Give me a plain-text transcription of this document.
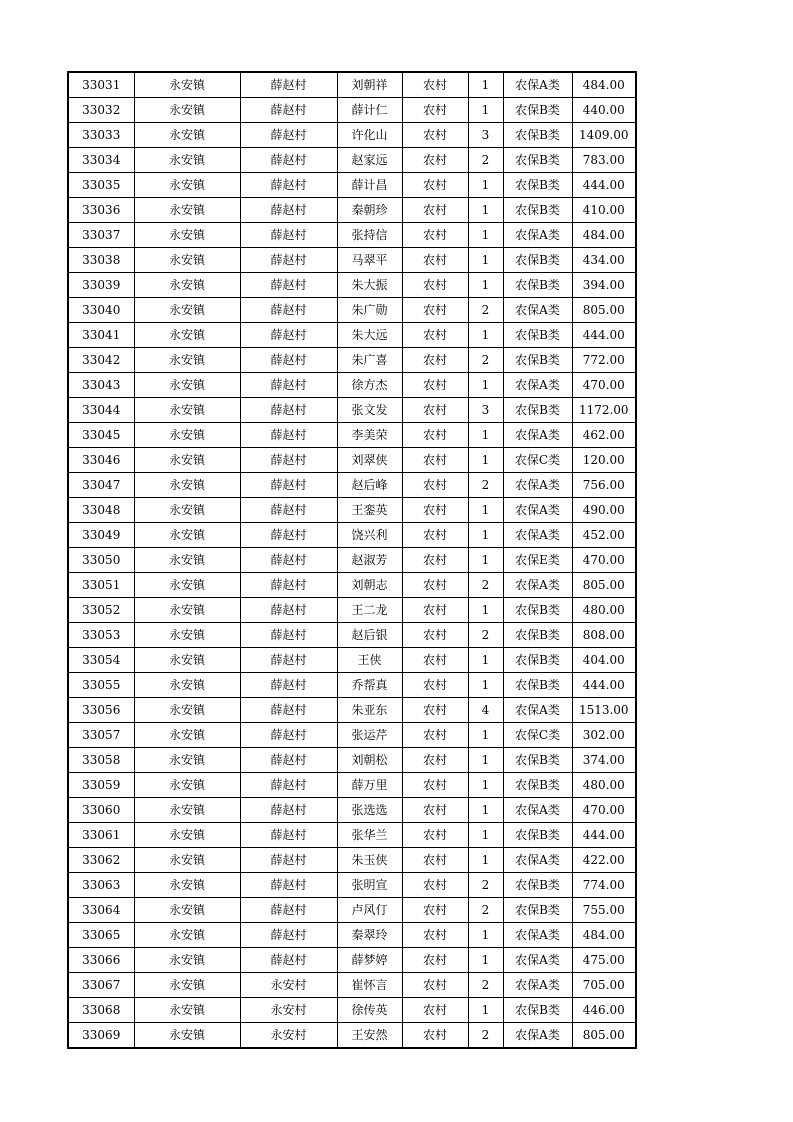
33031	永安镇	薛赵村	刘朝祥	农村	1	农保A类	484.00
33032	永安镇	薛赵村	薛计仁	农村	1	农保B类	440.00
33033	永安镇	薛赵村	许化山	农村	3	农保B类	1409.00
33034	永安镇	薛赵村	赵家远	农村	2	农保B类	783.00
33035	永安镇	薛赵村	薛计昌	农村	1	农保B类	444.00
33036	永安镇	薛赵村	秦朝珍	农村	1	农保B类	410.00
33037	永安镇	薛赵村	张持信	农村	1	农保A类	484.00
33038	永安镇	薛赵村	马翠平	农村	1	农保B类	434.00
33039	永安镇	薛赵村	朱大振	农村	1	农保B类	394.00
33040	永安镇	薛赵村	朱广勋	农村	2	农保A类	805.00
33041	永安镇	薛赵村	朱大远	农村	1	农保B类	444.00
33042	永安镇	薛赵村	朱广喜	农村	2	农保B类	772.00
33043	永安镇	薛赵村	徐方杰	农村	1	农保A类	470.00
33044	永安镇	薛赵村	张文发	农村	3	农保B类	1172.00
33045	永安镇	薛赵村	李美荣	农村	1	农保A类	462.00
33046	永安镇	薛赵村	刘翠侠	农村	1	农保C类	120.00
33047	永安镇	薛赵村	赵后峰	农村	2	农保A类	756.00
33048	永安镇	薛赵村	王銮英	农村	1	农保A类	490.00
33049	永安镇	薛赵村	饶兴利	农村	1	农保A类	452.00
33050	永安镇	薛赵村	赵淑芳	农村	1	农保E类	470.00
33051	永安镇	薛赵村	刘朝志	农村	2	农保A类	805.00
33052	永安镇	薛赵村	王二龙	农村	1	农保B类	480.00
33053	永安镇	薛赵村	赵后银	农村	2	农保B类	808.00
33054	永安镇	薛赵村	王侠	农村	1	农保B类	404.00
33055	永安镇	薛赵村	乔帮真	农村	1	农保B类	444.00
33056	永安镇	薛赵村	朱亚东	农村	4	农保A类	1513.00
33057	永安镇	薛赵村	张运芹	农村	1	农保C类	302.00
33058	永安镇	薛赵村	刘朝松	农村	1	农保B类	374.00
33059	永安镇	薛赵村	薛万里	农村	1	农保B类	480.00
33060	永安镇	薛赵村	张选选	农村	1	农保A类	470.00
33061	永安镇	薛赵村	张华兰	农村	1	农保B类	444.00
33062	永安镇	薛赵村	朱玉侠	农村	1	农保A类	422.00
33063	永安镇	薛赵村	张明宣	农村	2	农保B类	774.00
33064	永安镇	薛赵村	卢风仃	农村	2	农保B类	755.00
33065	永安镇	薛赵村	秦翠玲	农村	1	农保A类	484.00
33066	永安镇	薛赵村	薛梦婷	农村	1	农保A类	475.00
33067	永安镇	永安村	崔怀言	农村	2	农保A类	705.00
33068	永安镇	永安村	徐传英	农村	1	农保B类	446.00
33069	永安镇	永安村	王安然	农村	2	农保A类	805.00
